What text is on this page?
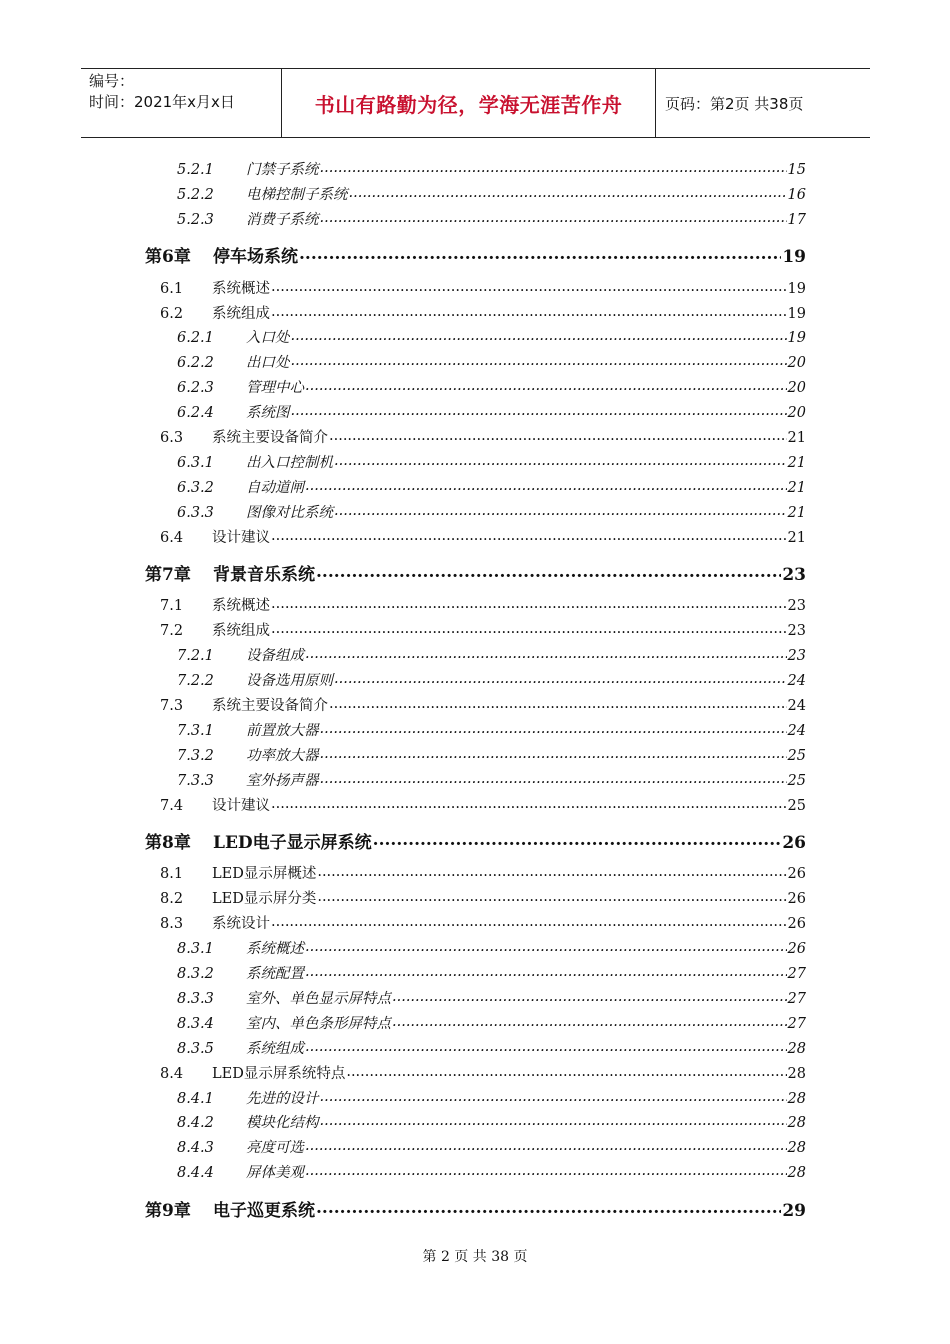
编号：
时间：2021年x月x日	书山有路勤为径，学海无涯苦作舟	页码：第2页 共38页
5.2.1	门禁子系统 .....	15
5.2.2	电梯控制子系统 .....	16
5.2.3	消费子系统 .....	17
第6章	停车场系统 .....	19
6.1	系统概述 .....	19
6.2	系统组成 .....	19
6.2.1	入口处 .....	19
6.2.2	出口处 .....	20
6.2.3	管理中心 .....	20
6.2.4	系统图 .....	20
6.3	系统主要设备简介 .....	21
6.3.1	出入口控制机 .....	21
6.3.2	自动道闸 .....	21
6.3.3	图像对比系统 .....	21
6.4	设计建议 .....	21
第7章	背景音乐系统 .....	23
7.1	系统概述 .....	23
7.2	系统组成 .....	23
7.2.1	设备组成 .....	23
7.2.2	设备选用原则 .....	24
7.3	系统主要设备简介 .....	24
7.3.1	前置放大器 .....	24
7.3.2	功率放大器 .....	25
7.3.3	室外扬声器 .....	25
7.4	设计建议 .....	25
第8章	LED电子显示屏系统 .....	26
8.1	LED显示屏概述 .....	26
8.2	LED显示屏分类 .....	26
8.3	系统设计 .....	26
8.3.1	系统概述 .....	26
8.3.2	系统配置 .....	27
8.3.3	室外、单色显示屏特点 .....	27
8.3.4	室内、单色条形屏特点 .....	27
8.3.5	系统组成 .....	28
8.4	LED显示屏系统特点 .....	28
8.4.1	先进的设计 .....	28
8.4.2	模块化结构 .....	28
8.4.3	亮度可选 .....	28
8.4.4	屏体美观 .....	28
第9章	电子巡更系统 .....	29
第 2 页 共 38 页
